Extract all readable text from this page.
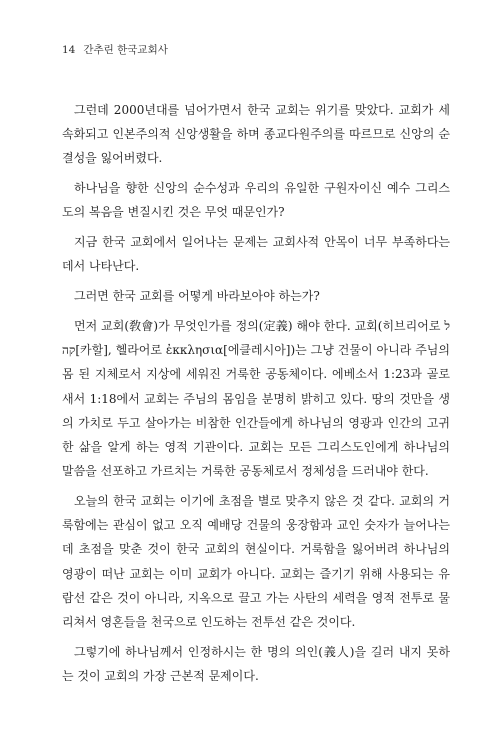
14 간추린 한국교회사

그런데 2000년대를 넘어가면서 한국 교회는 위기를 맞았다. 교회가 세속화되고 인본주의적 신앙생활을 하며 종교다원주의를 따르므로 신앙의 순결성을 잃어버렸다.

하나님을 향한 신앙의 순수성과 우리의 유일한 구원자이신 예수 그리스도의 복음을 변질시킨 것은 무엇 때문인가?

지금 한국 교회에서 일어나는 문제는 교회사적 안목이 너무 부족하다는 데서 나타난다.

그러면 한국 교회를 어떻게 바라보아야 하는가?

먼저 교회(敎會)가 무엇인가를 정의(定義) 해야 한다. 교회(히브리어로 לקה[카할], 헬라어로 ἐκκλησια[에클레시아])는 그냥 건물이 아니라 주님의 몸 된 지체로서 지상에 세워진 거룩한 공동체이다. 에베소서 1:23과 골로새서 1:18에서 교회는 주님의 몸임을 분명히 밝히고 있다. 땅의 것만을 생의 가치로 두고 살아가는 비참한 인간들에게 하나님의 영광과 인간의 고귀한 삶을 알게 하는 영적 기관이다. 교회는 모든 그리스도인에게 하나님의 말씀을 선포하고 가르치는 거룩한 공동체로서 정체성을 드러내야 한다.

오늘의 한국 교회는 이기에 초점을 별로 맞추지 않은 것 같다. 교회의 거룩함에는 관심이 없고 오직 예배당 건물의 웅장함과 교인 숫자가 늘어나는 데 초점을 맞춘 것이 한국 교회의 현실이다. 거룩함을 잃어버려 하나님의 영광이 떠난 교회는 이미 교회가 아니다. 교회는 즐기기 위해 사용되는 유람선 같은 것이 아니라, 지옥으로 끌고 가는 사탄의 세력을 영적 전투로 물리쳐서 영혼들을 천국으로 인도하는 전투선 같은 것이다.

그렇기에 하나님께서 인정하시는 한 명의 의인(義人)을 길러 내지 못하는 것이 교회의 가장 근본적 문제이다.
